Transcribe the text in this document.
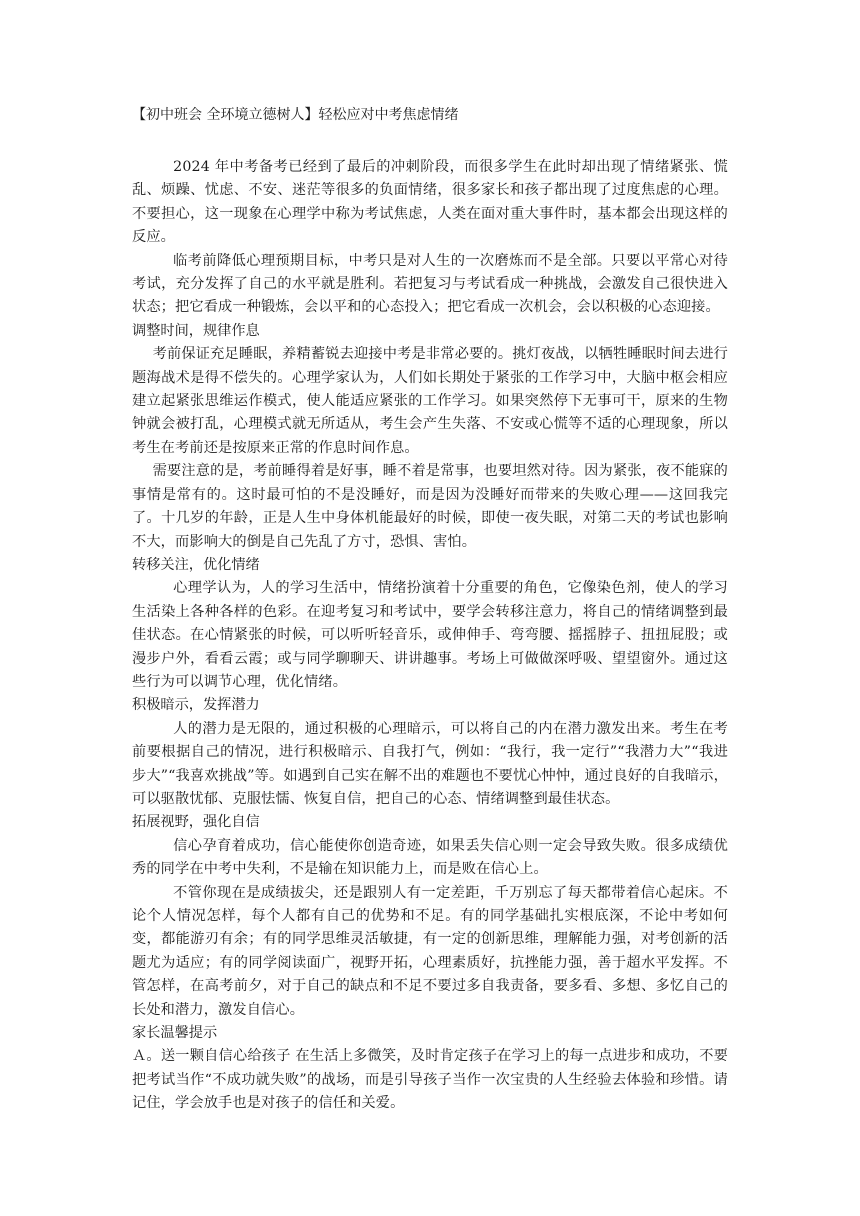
【初中班会 全环境立德树人】轻松应对中考焦虑情绪

2024 年中考备考已经到了最后的冲刺阶段，而很多学生在此时却出现了情绪紧张、慌乱、烦躁、忧虑、不安、迷茫等很多的负面情绪，很多家长和孩子都出现了过度焦虑的心理。不要担心，这一现象在心理学中称为考试焦虑，人类在面对重大事件时，基本都会出现这样的反应。

临考前降低心理预期目标，中考只是对人生的一次磨炼而不是全部。只要以平常心对待考试，充分发挥了自己的水平就是胜利。若把复习与考试看成一种挑战，会激发自己很快进入状态；把它看成一种锻炼，会以平和的心态投入；把它看成一次机会，会以积极的心态迎接。

调整时间，规律作息

考前保证充足睡眠，养精蓄锐去迎接中考是非常必要的。挑灯夜战，以牺牲睡眠时间去进行题海战术是得不偿失的。心理学家认为，人们如长期处于紧张的工作学习中，大脑中枢会相应建立起紧张思维运作模式，使人能适应紧张的工作学习。如果突然停下无事可干，原来的生物钟就会被打乱，心理模式就无所适从，考生会产生失落、不安或心慌等不适的心理现象，所以考生在考前还是按原来正常的作息时间作息。

需要注意的是，考前睡得着是好事，睡不着是常事，也要坦然对待。因为紧张，夜不能寐的事情是常有的。这时最可怕的不是没睡好，而是因为没睡好而带来的失败心理——这回我完了。十几岁的年龄，正是人生中身体机能最好的时候，即使一夜失眠，对第二天的考试也影响不大，而影响大的倒是自己先乱了方寸，恐惧、害怕。

转移关注，优化情绪

心理学认为，人的学习生活中，情绪扮演着十分重要的角色，它像染色剂，使人的学习生活染上各种各样的色彩。在迎考复习和考试中，要学会转移注意力，将自己的情绪调整到最佳状态。在心情紧张的时候，可以听听轻音乐，或伸伸手、弯弯腰、摇摇脖子、扭扭屁股；或漫步户外，看看云霞；或与同学聊聊天、讲讲趣事。考场上可做做深呼吸、望望窗外。通过这些行为可以调节心理，优化情绪。

积极暗示，发挥潜力

人的潜力是无限的，通过积极的心理暗示，可以将自己的内在潜力激发出来。考生在考前要根据自己的情况，进行积极暗示、自我打气，例如：“我行，我一定行”“我潜力大”“我进步大”“我喜欢挑战”等。如遇到自己实在解不出的难题也不要忧心忡忡，通过良好的自我暗示，可以驱散忧郁、克服怯懦、恢复自信，把自己的心态、情绪调整到最佳状态。

拓展视野，强化自信

信心孕育着成功，信心能使你创造奇迹，如果丢失信心则一定会导致失败。很多成绩优秀的同学在中考中失利，不是输在知识能力上，而是败在信心上。

不管你现在是成绩拔尖，还是跟别人有一定差距，千万别忘了每天都带着信心起床。不论个人情况怎样，每个人都有自己的优势和不足。有的同学基础扎实根底深，不论中考如何变，都能游刃有余；有的同学思维灵活敏捷，有一定的创新思维，理解能力强，对考创新的活题尤为适应；有的同学阅读面广，视野开拓，心理素质好，抗挫能力强，善于超水平发挥。不管怎样，在高考前夕，对于自己的缺点和不足不要过多自我责备，要多看、多想、多忆自己的长处和潜力，激发自信心。

家长温馨提示

Ａ。送一颗自信心给孩子 在生活上多微笑，及时肯定孩子在学习上的每一点进步和成功，不要把考试当作“不成功就失败”的战场，而是引导孩子当作一次宝贵的人生经验去体验和珍惜。请记住，学会放手也是对孩子的信任和关爱。
